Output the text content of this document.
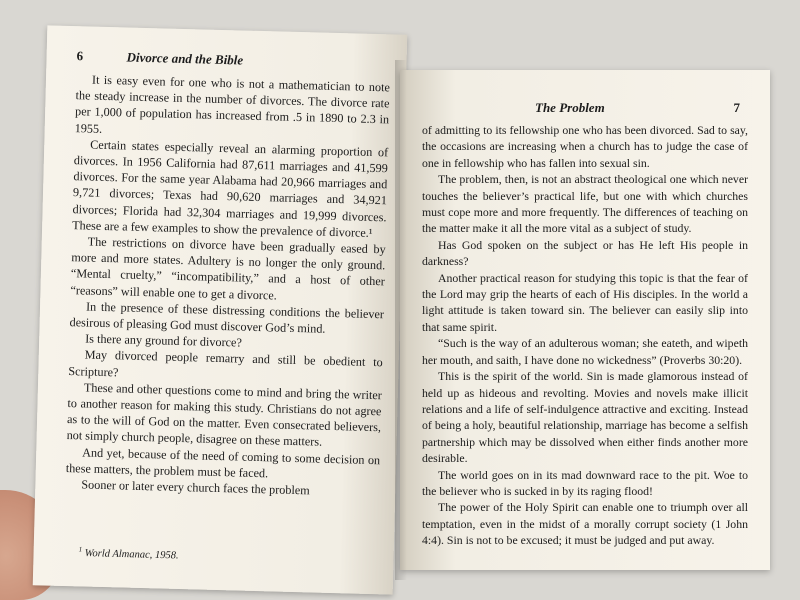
6	Divorce and the Bible

It is easy even for one who is not a mathematician to note the steady increase in the number of divorces. The divorce rate per 1,000 of population has increased from .5 in 1890 to 2.3 in 1955.

Certain states especially reveal an alarming proportion of divorces. In 1956 California had 87,611 marriages and 41,599 divorces. For the same year Alabama had 20,966 marriages and 9,721 divorces; Texas had 90,620 marriages and 34,921 divorces; Florida had 32,304 marriages and 19,999 divorces. These are a few examples to show the prevalence of divorce.¹

The restrictions on divorce have been gradually eased by more and more states. Adultery is no longer the only ground. “Mental cruelty,” “incompatibility,” and a host of other “reasons” will enable one to get a divorce.

In the presence of these distressing conditions the believer desirous of pleasing God must discover God’s mind.

Is there any ground for divorce?

May divorced people remarry and still be obedient to Scripture?

These and other questions come to mind and bring the writer to another reason for making this study. Christians do not agree as to the will of God on the matter. Even consecrated believers, not simply church people, disagree on these matters.

And yet, because of the need of coming to some decision on these matters, the problem must be faced.

Sooner or later every church faces the problem

$^1$ World Almanac, 1958.
The Problem	7

of admitting to its fellowship one who has been divorced. Sad to say, the occasions are increasing when a church has to judge the case of one in fellowship who has fallen into sexual sin.

The problem, then, is not an abstract theological one which never touches the believer’s practical life, but one with which churches must cope more and more frequently. The differences of teaching on the matter make it all the more vital as a subject of study.

Has God spoken on the subject or has He left His people in darkness?

Another practical reason for studying this topic is that the fear of the Lord may grip the hearts of each of His disciples. In the world a light attitude is taken toward sin. The believer can easily slip into that same spirit.

“Such is the way of an adulterous woman; she eateth, and wipeth her mouth, and saith, I have done no wickedness” (Proverbs 30:20).

This is the spirit of the world. Sin is made glamorous instead of held up as hideous and revolting. Movies and novels make illicit relations and a life of self-indulgence attractive and exciting. Instead of being a holy, beautiful relationship, marriage has become a selfish partnership which may be dissolved when either finds another more desirable.

The world goes on in its mad downward race to the pit. Woe to the believer who is sucked in by its raging flood!

The power of the Holy Spirit can enable one to triumph over all temptation, even in the midst of a morally corrupt society (1 John 4:4). Sin is not to be excused; it must be judged and put away.
